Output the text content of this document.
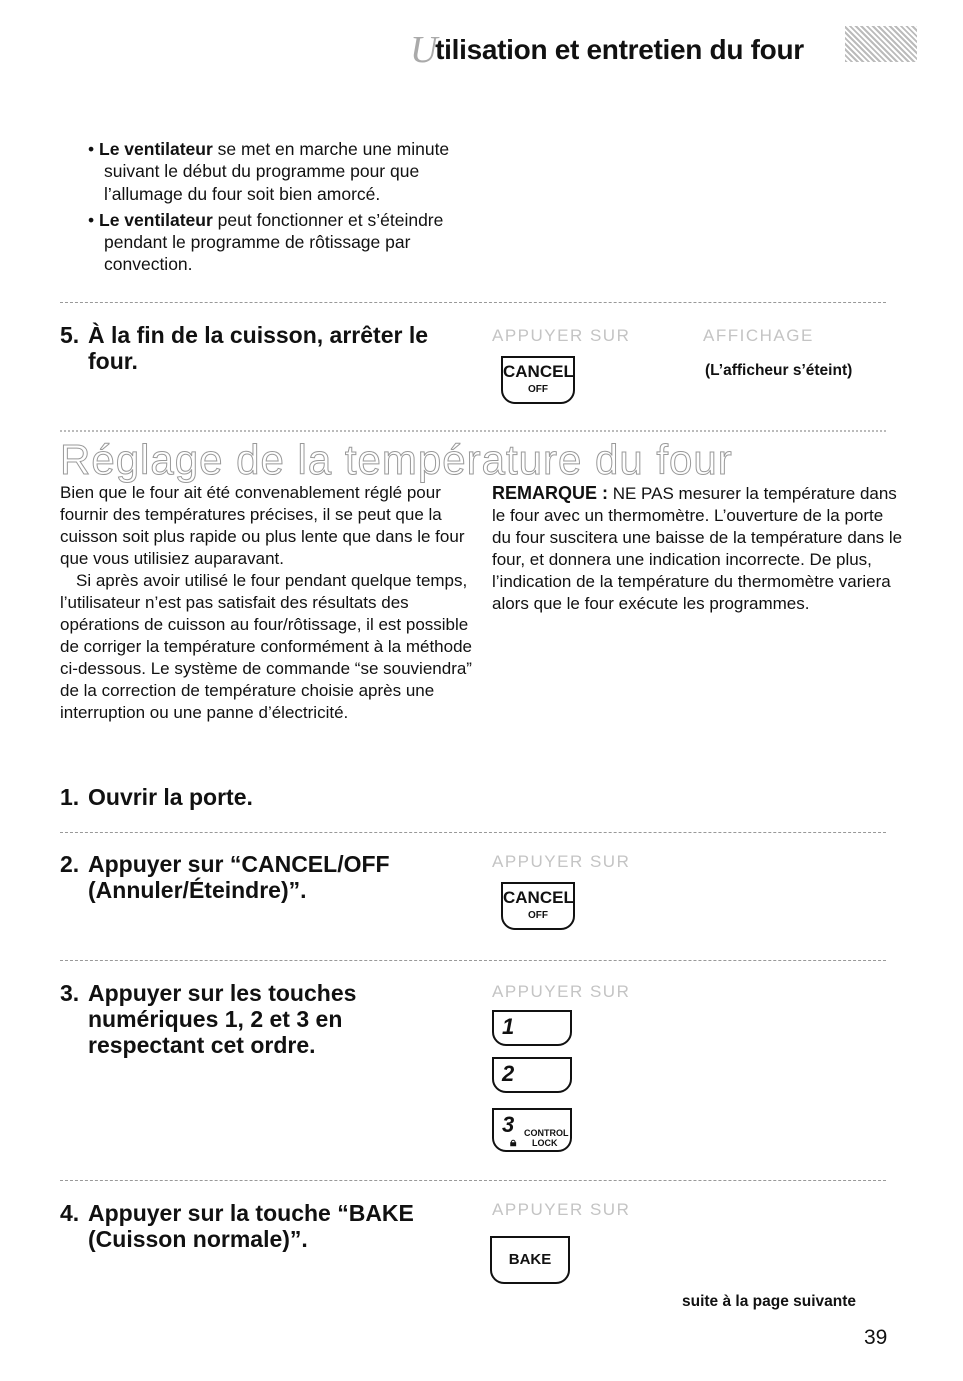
Utilisation et entretien du four

• Le ventilateur se met en marche une minute suivant le début du programme pour que l’allumage du four soit bien amorcé.

• Le ventilateur peut fonctionner et s’éteindre pendant le programme de rôtissage par convection.

5. À la fin de la cuisson, arrêter le
four.
APPUYER SUR	AFFICHAGE
CANCEL
OFF
(L’afficheur s’éteint)
Réglage de la température du four

Bien que le four ait été convenablement réglé pour fournir des températures précises, il se peut que la cuisson soit plus rapide ou plus lente que dans le four que vous utilisiez auparavant.

Si après avoir utilisé le four pendant quelque temps, l’utilisateur n’est pas satisfait des résultats des opérations de cuisson au four/rôtissage, il est possible de corriger la température conformément à la méthode ci-dessous. Le système de commande “se souviendra” de la correction de température choisie après une interruption ou une panne d’électricité.

REMARQUE : NE PAS mesurer la température dans le four avec un thermomètre. L’ouverture de la porte du four suscitera une baisse de la température dans le four, et donnera une indication incorrecte. De plus, l’indication de la température du thermomètre variera alors que le four exécute les programmes.

1. Ouvrir la porte.
2. Appuyer sur “CANCEL/OFF
(Annuler/Éteindre)”.
APPUYER SUR
CANCEL
OFF
3. Appuyer sur les touches
numériques 1, 2 et 3 en
respectant cet ordre.
APPUYER SUR
1
2
3 CONTROL
LOCK
🔒︎
4. Appuyer sur la touche “BAKE
(Cuisson normale)”.
APPUYER SUR
BAKE
suite à la page suivante
39
